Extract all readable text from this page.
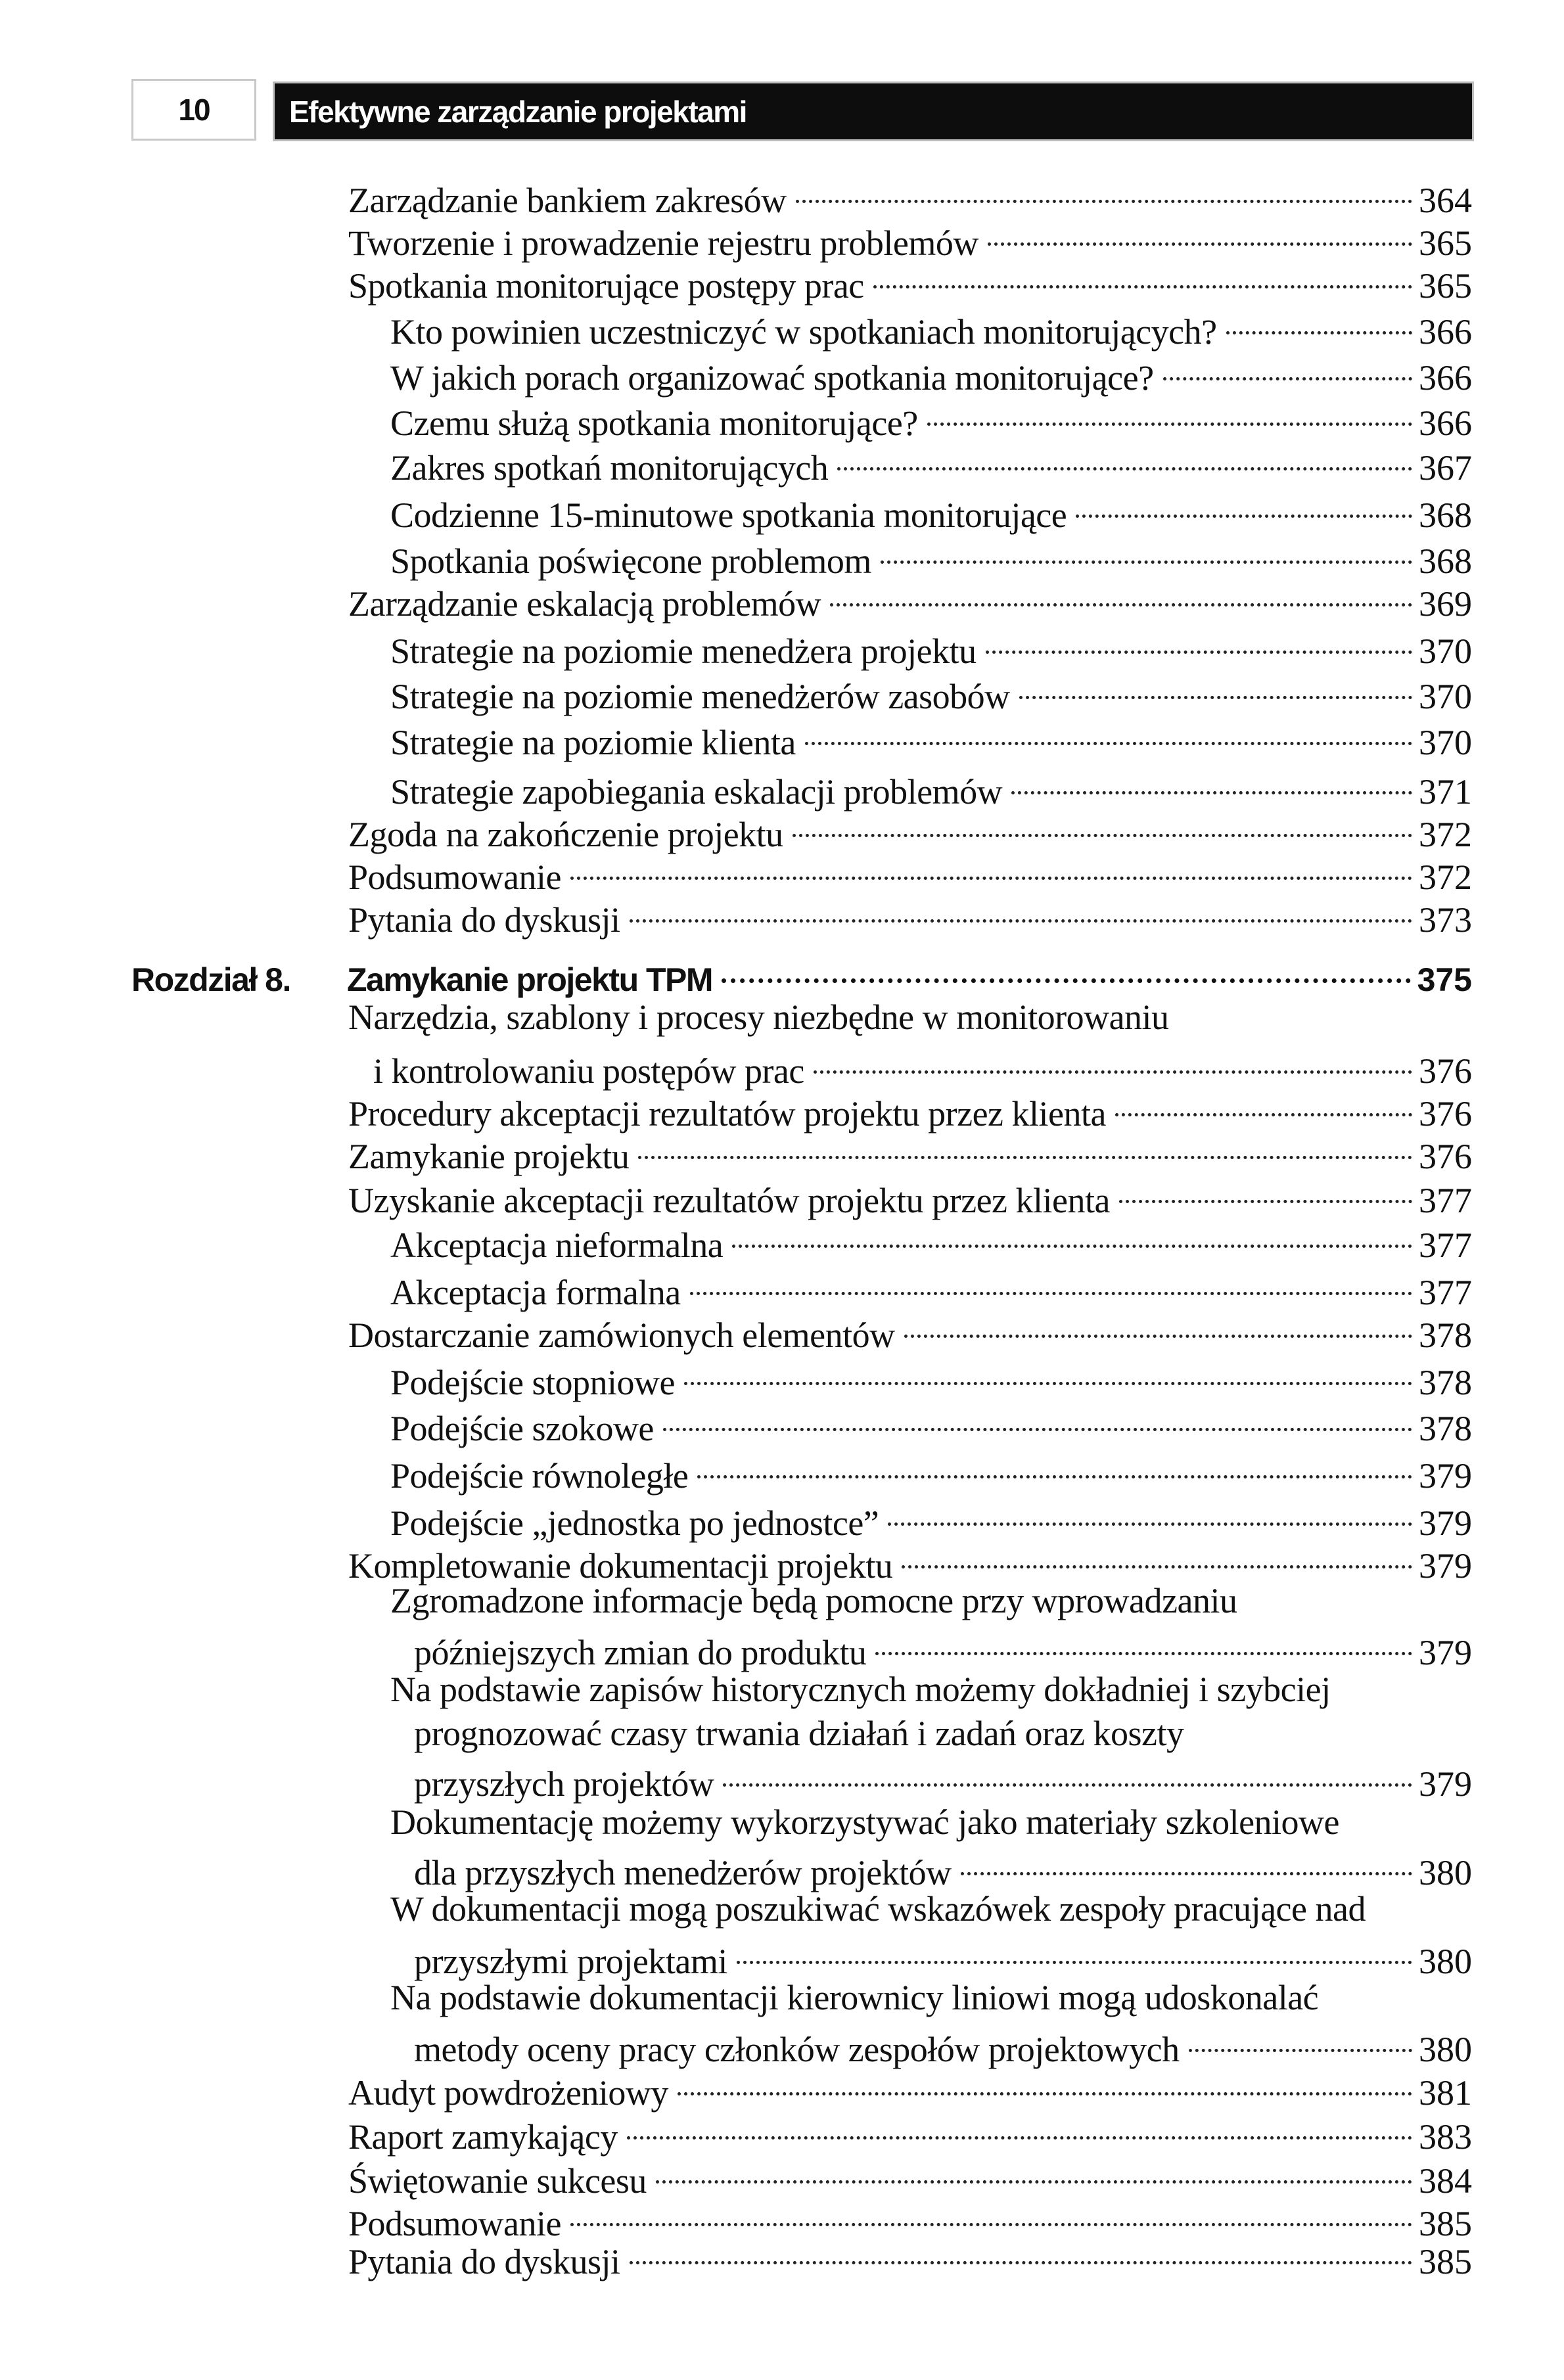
10	Efektywne zarządzanie projektami
Zarządzanie bankiem zakresów	364
Tworzenie i prowadzenie rejestru problemów	365
Spotkania monitorujące postępy prac	365
Kto powinien uczestniczyć w spotkaniach monitorujących?	366
W jakich porach organizować spotkania monitorujące?	366
Czemu służą spotkania monitorujące?	366
Zakres spotkań monitorujących	367
Codzienne 15-minutowe spotkania monitorujące	368
Spotkania poświęcone problemom	368
Zarządzanie eskalacją problemów	369
Strategie na poziomie menedżera projektu	370
Strategie na poziomie menedżerów zasobów	370
Strategie na poziomie klienta	370
Strategie zapobiegania eskalacji problemów	371
Zgoda na zakończenie projektu	372
Podsumowanie	372
Pytania do dyskusji	373
Rozdział 8.	Zamykanie projektu TPM	375
Narzędzia, szablony i procesy niezbędne w monitorowaniu
i kontrolowaniu postępów prac	376
Procedury akceptacji rezultatów projektu przez klienta	376
Zamykanie projektu	376
Uzyskanie akceptacji rezultatów projektu przez klienta	377
Akceptacja nieformalna	377
Akceptacja formalna	377
Dostarczanie zamówionych elementów	378
Podejście stopniowe	378
Podejście szokowe	378
Podejście równoległe	379
Podejście „jednostka po jednostce”	379
Kompletowanie dokumentacji projektu	379
Zgromadzone informacje będą pomocne przy wprowadzaniu
późniejszych zmian do produktu	379
Na podstawie zapisów historycznych możemy dokładniej i szybciej
prognozować czasy trwania działań i zadań oraz koszty
przyszłych projektów	379
Dokumentację możemy wykorzystywać jako materiały szkoleniowe
dla przyszłych menedżerów projektów	380
W dokumentacji mogą poszukiwać wskazówek zespoły pracujące nad
przyszłymi projektami	380
Na podstawie dokumentacji kierownicy liniowi mogą udoskonalać
metody oceny pracy członków zespołów projektowych	380
Audyt powdrożeniowy	381
Raport zamykający	383
Świętowanie sukcesu	384
Podsumowanie	385
Pytania do dyskusji	385
